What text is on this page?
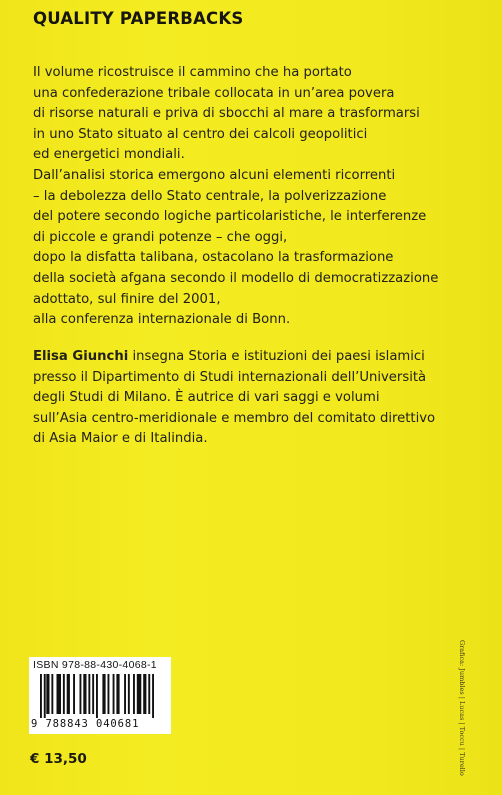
QUALITY PAPERBACKS

Il volume ricostruisce il cammino che ha portato

una confederazione tribale collocata in un’area povera

di risorse naturali e priva di sbocchi al mare a trasformarsi

in uno Stato situato al centro dei calcoli geopolitici

ed energetici mondiali.

Dall’analisi storica emergono alcuni elementi ricorrenti

– la debolezza dello Stato centrale, la polverizzazione

del potere secondo logiche particolaristiche, le interferenze

di piccole e grandi potenze – che oggi,

dopo la disfatta talibana, ostacolano la trasformazione

della società afgana secondo il modello di democratizzazione

adottato, sul finire del 2001,

alla conferenza internazionale di Bonn.

Elisa Giunchi insegna Storia e istituzioni dei paesi islamici
presso il Dipartimento di Studi internazionali dell’Università
degli Studi di Milano. È autrice di vari saggi e volumi
sull’Asia centro-meridionale e membro del comitato direttivo
di Asia Maior e di Italindia.
ISBN 978-88-430-4068-1
9 788843 040681
€ 13,50	Grafica: Jumbles | Lucas | Toccu | Turello
